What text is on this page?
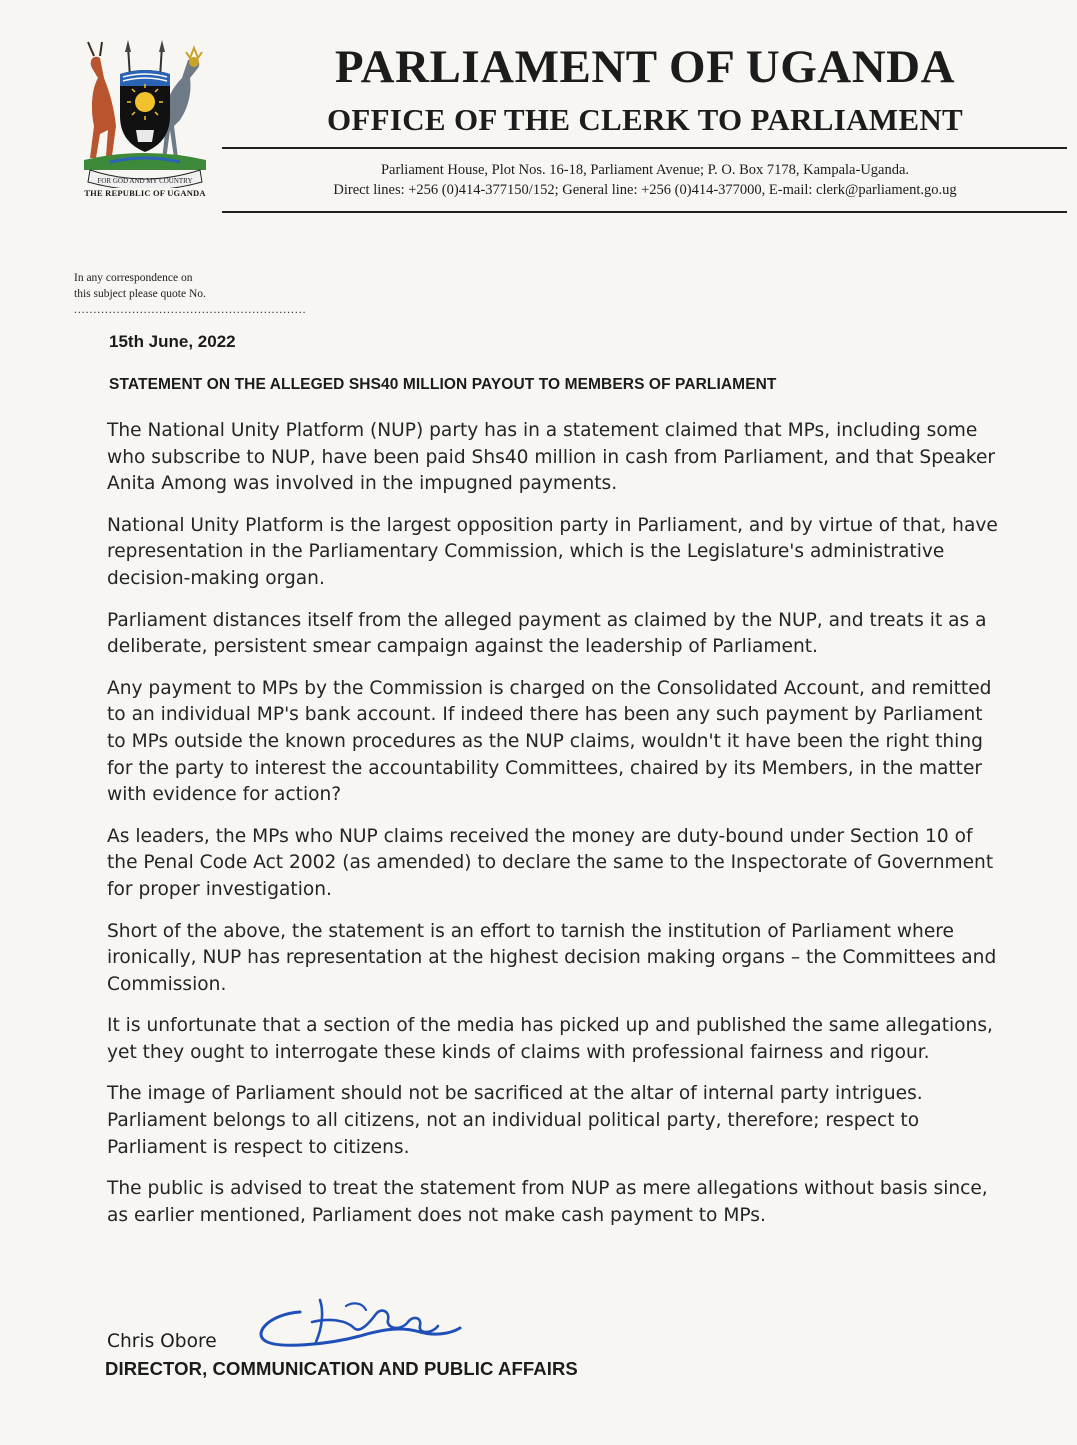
FOR GOD AND MY COUNTRY
THE REPUBLIC OF UGANDA
PARLIAMENT OF UGANDA
OFFICE OF THE CLERK TO PARLIAMENT
Parliament House, Plot Nos. 16-18, Parliament Avenue; P. O. Box 7178, Kampala-Uganda.
Direct lines: +256 (0)414-377150/152; General line: +256 (0)414-377000, E-mail: clerk@parliament.go.ug
In any correspondence on
this subject please quote No. ............................................................
15th June, 2022
STATEMENT ON THE ALLEGED SHS40 MILLION PAYOUT TO MEMBERS OF PARLIAMENT

The National Unity Platform (NUP) party has in a statement claimed that MPs, including some who subscribe to NUP, have been paid Shs40 million in cash from Parliament, and that Speaker Anita Among was involved in the impugned payments.

National Unity Platform is the largest opposition party in Parliament, and by virtue of that, have representation in the Parliamentary Commission, which is the Legislature's administrative decision-making organ.

Parliament distances itself from the alleged payment as claimed by the NUP, and treats it as a deliberate, persistent smear campaign against the leadership of Parliament.

Any payment to MPs by the Commission is charged on the Consolidated Account, and remitted to an individual MP's bank account. If indeed there has been any such payment by Parliament to MPs outside the known procedures as the NUP claims, wouldn't it have been the right thing for the party to interest the accountability Committees, chaired by its Members, in the matter with evidence for action?

As leaders, the MPs who NUP claims received the money are duty-bound under Section 10 of the Penal Code Act 2002 (as amended) to declare the same to the Inspectorate of Government for proper investigation.

Short of the above, the statement is an effort to tarnish the institution of Parliament where ironically, NUP has representation at the highest decision making organs – the Committees and Commission.

It is unfortunate that a section of the media has picked up and published the same allegations, yet they ought to interrogate these kinds of claims with professional fairness and rigour.

The image of Parliament should not be sacrificed at the altar of internal party intrigues. Parliament belongs to all citizens, not an individual political party, therefore; respect to Parliament is respect to citizens.

The public is advised to treat the statement from NUP as mere allegations without basis since, as earlier mentioned, Parliament does not make cash payment to MPs.

Chris Obore
DIRECTOR, COMMUNICATION AND PUBLIC AFFAIRS
